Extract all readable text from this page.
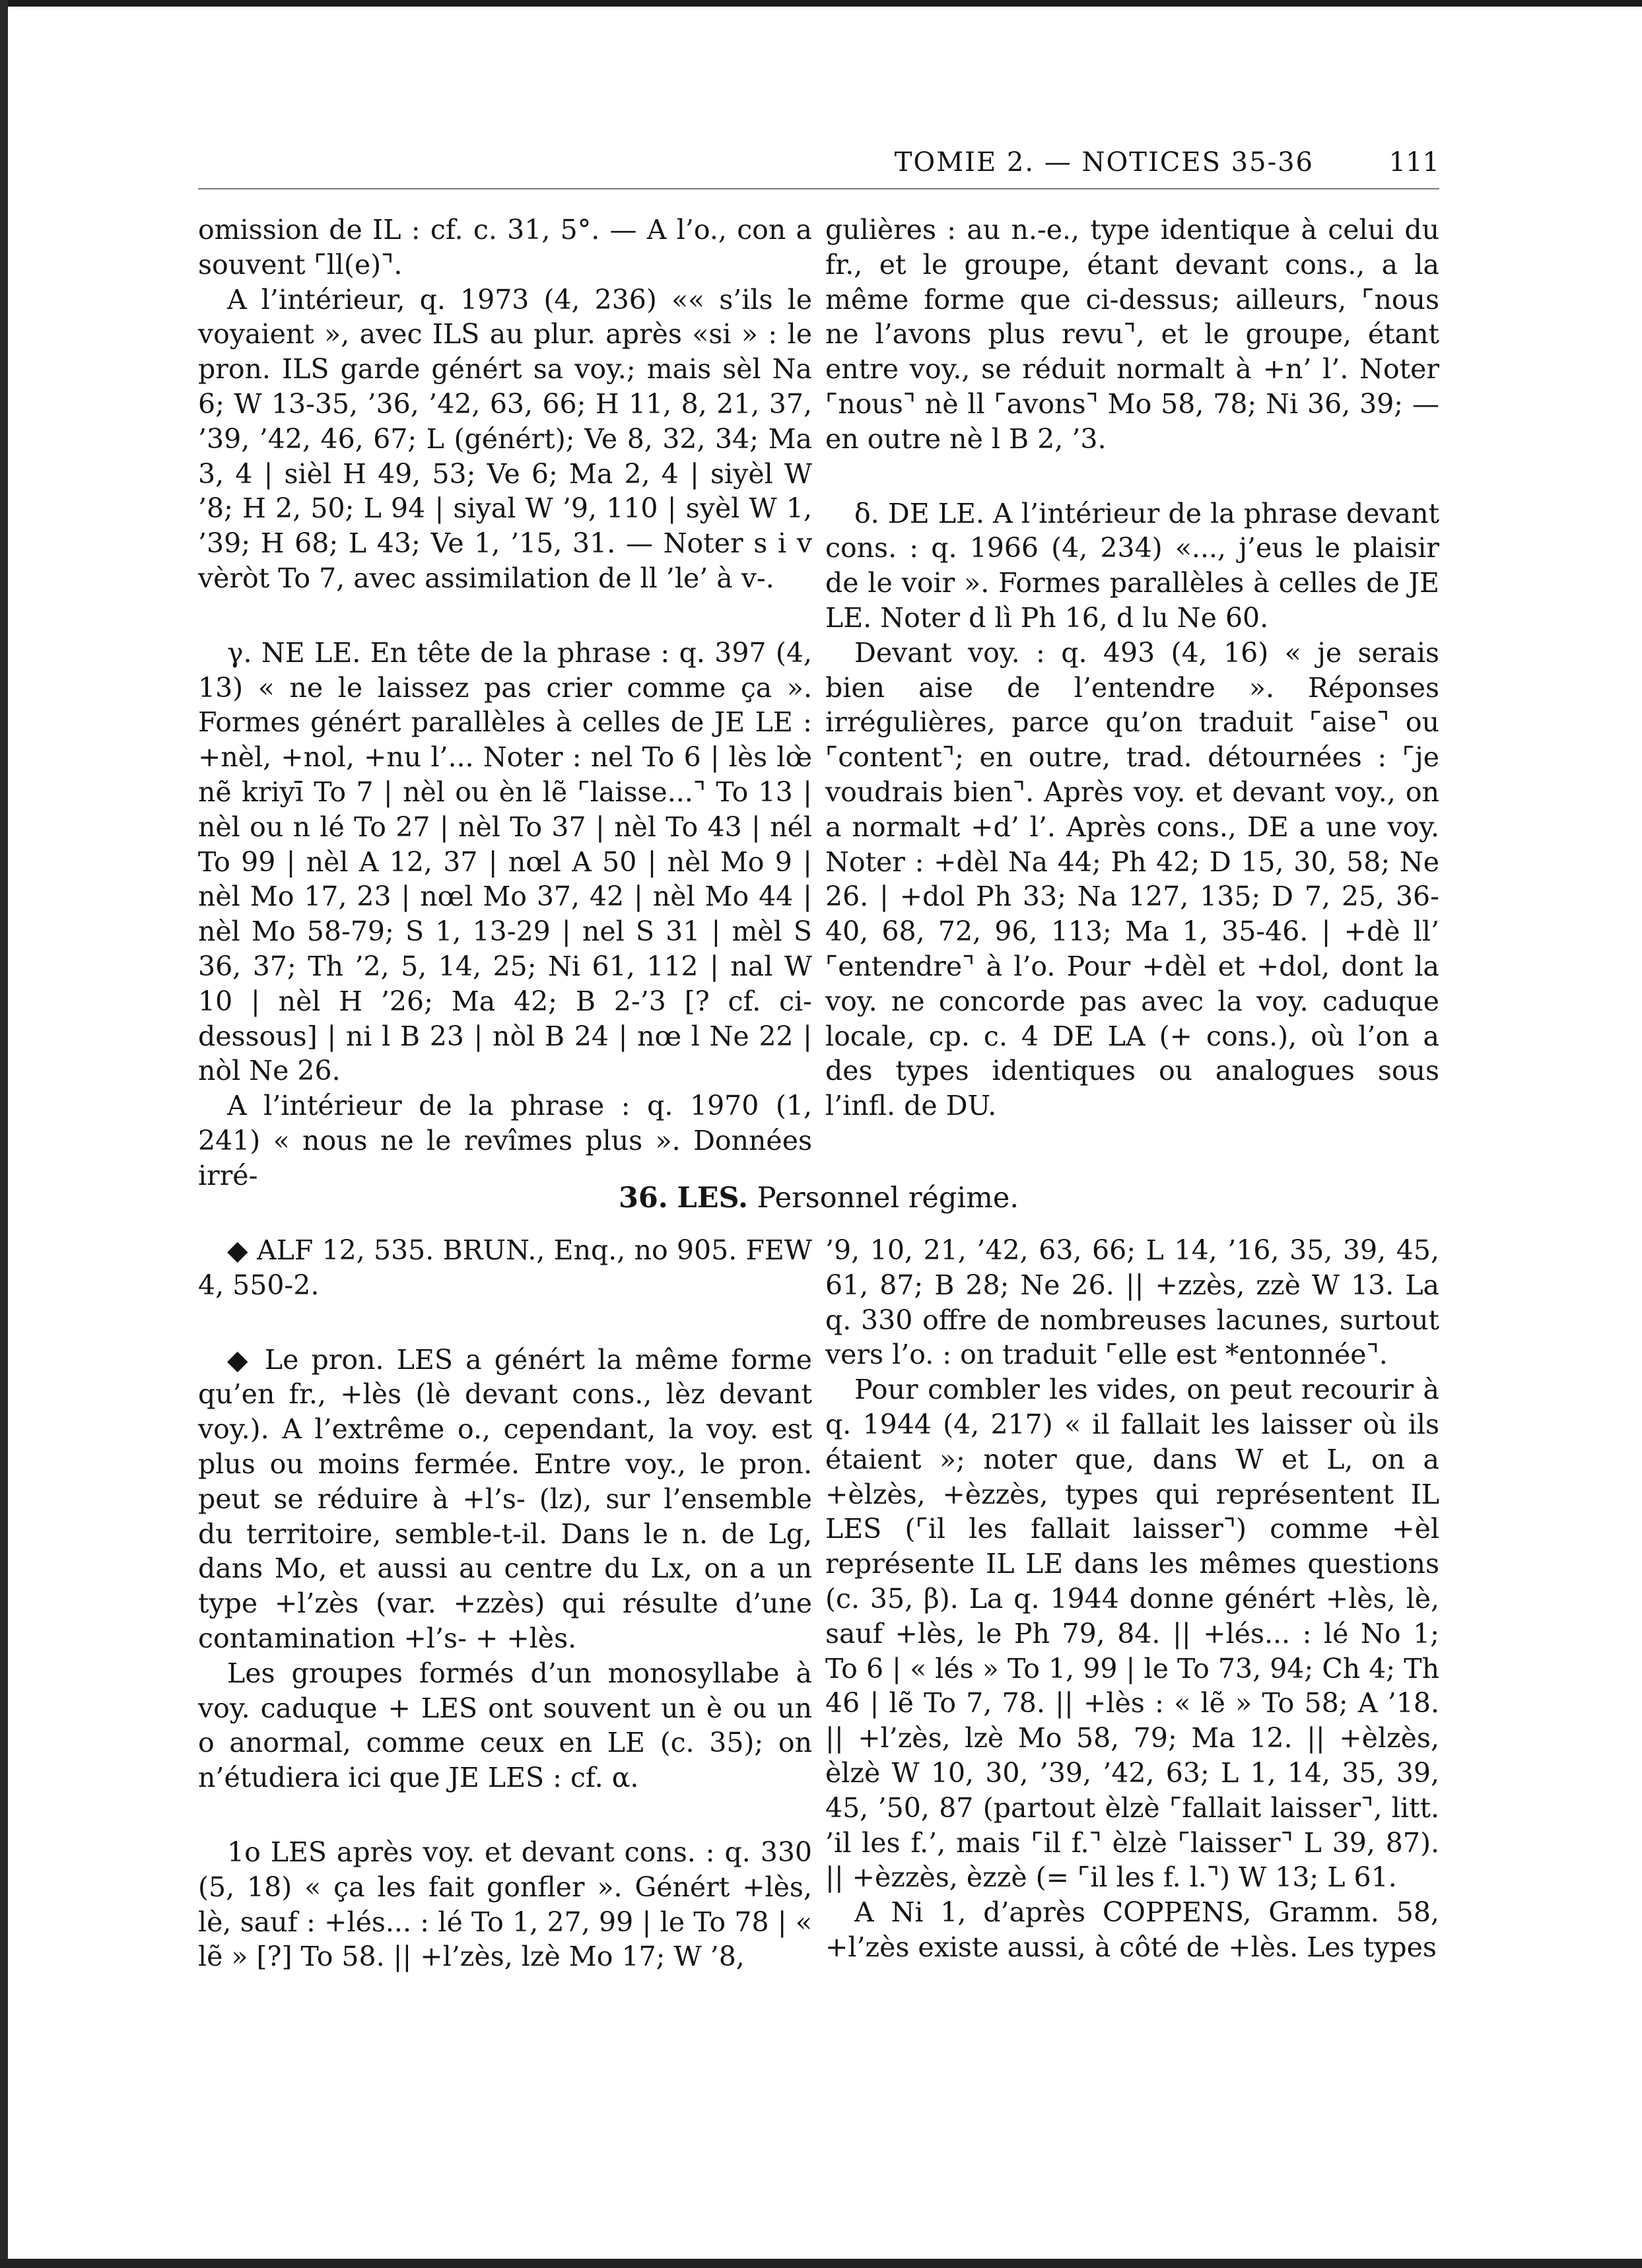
TOMIE 2. — NOTICES 35-36	111

omission de IL : cf. c. 31, 5°. — A l’o., con a souvent ⌜ll(e)⌝.

A l’intérieur, q. 1973 (4, 236) «« s’ils le voyaient », avec ILS au plur. après «si » : le pron. ILS garde génért sa voy.; mais sèl Na 6; W 13-35, ’36, ’42, 63, 66; H 11, 8, 21, 37, ’39, ’42, 46, 67; L (génért); Ve 8, 32, 34; Ma 3, 4 | sièl H 49, 53; Ve 6; Ma 2, 4 | siyèl W ’8; H 2, 50; L 94 | siyal W ’9, 110 | syèl W 1, ’39; H 68; L 43; Ve 1, ’15, 31. — Noter s i v vèròt To 7, avec assimilation de ll ’le’ à v-.

γ. NE LE. En tête de la phrase : q. 397 (4, 13) « ne le laissez pas crier comme ça ». Formes génért parallèles à celles de JE LE : +nèl, +nol, +nu l’... Noter : nel To 6 | lès lœ̀ nẽ kriyī To 7 | nèl ou èn lẽ ⌜laisse...⌝ To 13 | nèl ou n lé To 27 | nèl To 37 | nèl To 43 | nél To 99 | nèl A 12, 37 | nœl A 50 | nèl Mo 9 | nèl Mo 17, 23 | nœl Mo 37, 42 | nèl Mo 44 | nèl Mo 58-79; S 1, 13-29 | nel S 31 | mèl S 36, 37; Th ’2, 5, 14, 25; Ni 61, 112 | nal W 10 | nèl H ’26; Ma 42; B 2-’3 [? cf. ci-dessous] | ni l B 23 | nòl B 24 | nœ l Ne 22 | nòl Ne 26.

A l’intérieur de la phrase : q. 1970 (1, 241) « nous ne le revîmes plus ». Données irré-

gulières : au n.-e., type identique à celui du fr., et le groupe, étant devant cons., a la même forme que ci-dessus; ailleurs, ⌜nous ne l’avons plus revu⌝, et le groupe, étant entre voy., se réduit normalt à +n’ l’. Noter ⌜nous⌝ nè ll ⌜avons⌝ Mo 58, 78; Ni 36, 39; — en outre nè l B 2, ’3.

δ. DE LE. A l’intérieur de la phrase devant cons. : q. 1966 (4, 234) «..., j’eus le plaisir de le voir ». Formes parallèles à celles de JE LE. Noter d lì Ph 16, d lu Ne 60.

Devant voy. : q. 493 (4, 16) « je serais bien aise de l’entendre ». Réponses irrégulières, parce qu’on traduit ⌜aise⌝ ou ⌜content⌝; en outre, trad. détournées : ⌜je voudrais bien⌝. Après voy. et devant voy., on a normalt +d’ l’. Après cons., DE a une voy. Noter : +dèl Na 44; Ph 42; D 15, 30, 58; Ne 26. | +dol Ph 33; Na 127, 135; D 7, 25, 36-40, 68, 72, 96, 113; Ma 1, 35-46. | +dè ll’ ⌜entendre⌝ à l’o. Pour +dèl et +dol, dont la voy. ne concorde pas avec la voy. caduque locale, cp. c. 4 DE LA (+ cons.), où l’on a des types identiques ou analogues sous l’infl. de DU.

36. LES. Personnel régime.

◆ ALF 12, 535. BRUN., Enq., no 905. FEW 4, 550-2.

◆ Le pron. LES a génért la même forme qu’en fr., +lès (lè devant cons., lèz devant voy.). A l’extrême o., cependant, la voy. est plus ou moins fermée. Entre voy., le pron. peut se réduire à +l’s- (lz), sur l’ensemble du territoire, semble-t-il. Dans le n. de Lg, dans Mo, et aussi au centre du Lx, on a un type +l’zès (var. +zzès) qui résulte d’une contamination +l’s- + +lès.

Les groupes formés d’un monosyllabe à voy. caduque + LES ont souvent un è ou un o anormal, comme ceux en LE (c. 35); on n’étudiera ici que JE LES : cf. α.

1o LES après voy. et devant cons. : q. 330 (5, 18) « ça les fait gonfler ». Génért +lès, lè, sauf : +lés... : lé To 1, 27, 99 | le To 78 | « lẽ » [?] To 58. || +l’zès, lzè Mo 17; W ’8,

’9, 10, 21, ’42, 63, 66; L 14, ’16, 35, 39, 45, 61, 87; B 28; Ne 26. || +zzès, zzè W 13. La q. 330 offre de nombreuses lacunes, surtout vers l’o. : on traduit ⌜elle est *entonnée⌝.

Pour combler les vides, on peut recourir à q. 1944 (4, 217) « il fallait les laisser où ils étaient »; noter que, dans W et L, on a +èlzès, +èzzès, types qui représentent IL LES (⌜il les fallait laisser⌝) comme +èl représente IL LE dans les mêmes questions (c. 35, β). La q. 1944 donne génért +lès, lè, sauf +lès, le Ph 79, 84. || +lés... : lé No 1; To 6 | « lés » To 1, 99 | le To 73, 94; Ch 4; Th 46 | lẽ To 7, 78. || +lès : « lẽ » To 58; A ’18. || +l’zès, lzè Mo 58, 79; Ma 12. || +èlzès, èlzè W 10, 30, ’39, ’42, 63; L 1, 14, 35, 39, 45, ’50, 87 (partout èlzè ⌜fallait laisser⌝, litt. ’il les f.’, mais ⌜il f.⌝ èlzè ⌜laisser⌝ L 39, 87). || +èzzès, èzzè (= ⌜il les f. l.⌝) W 13; L 61.

A Ni 1, d’après COPPENS, Gramm. 58, +l’zès existe aussi, à côté de +lès. Les types
